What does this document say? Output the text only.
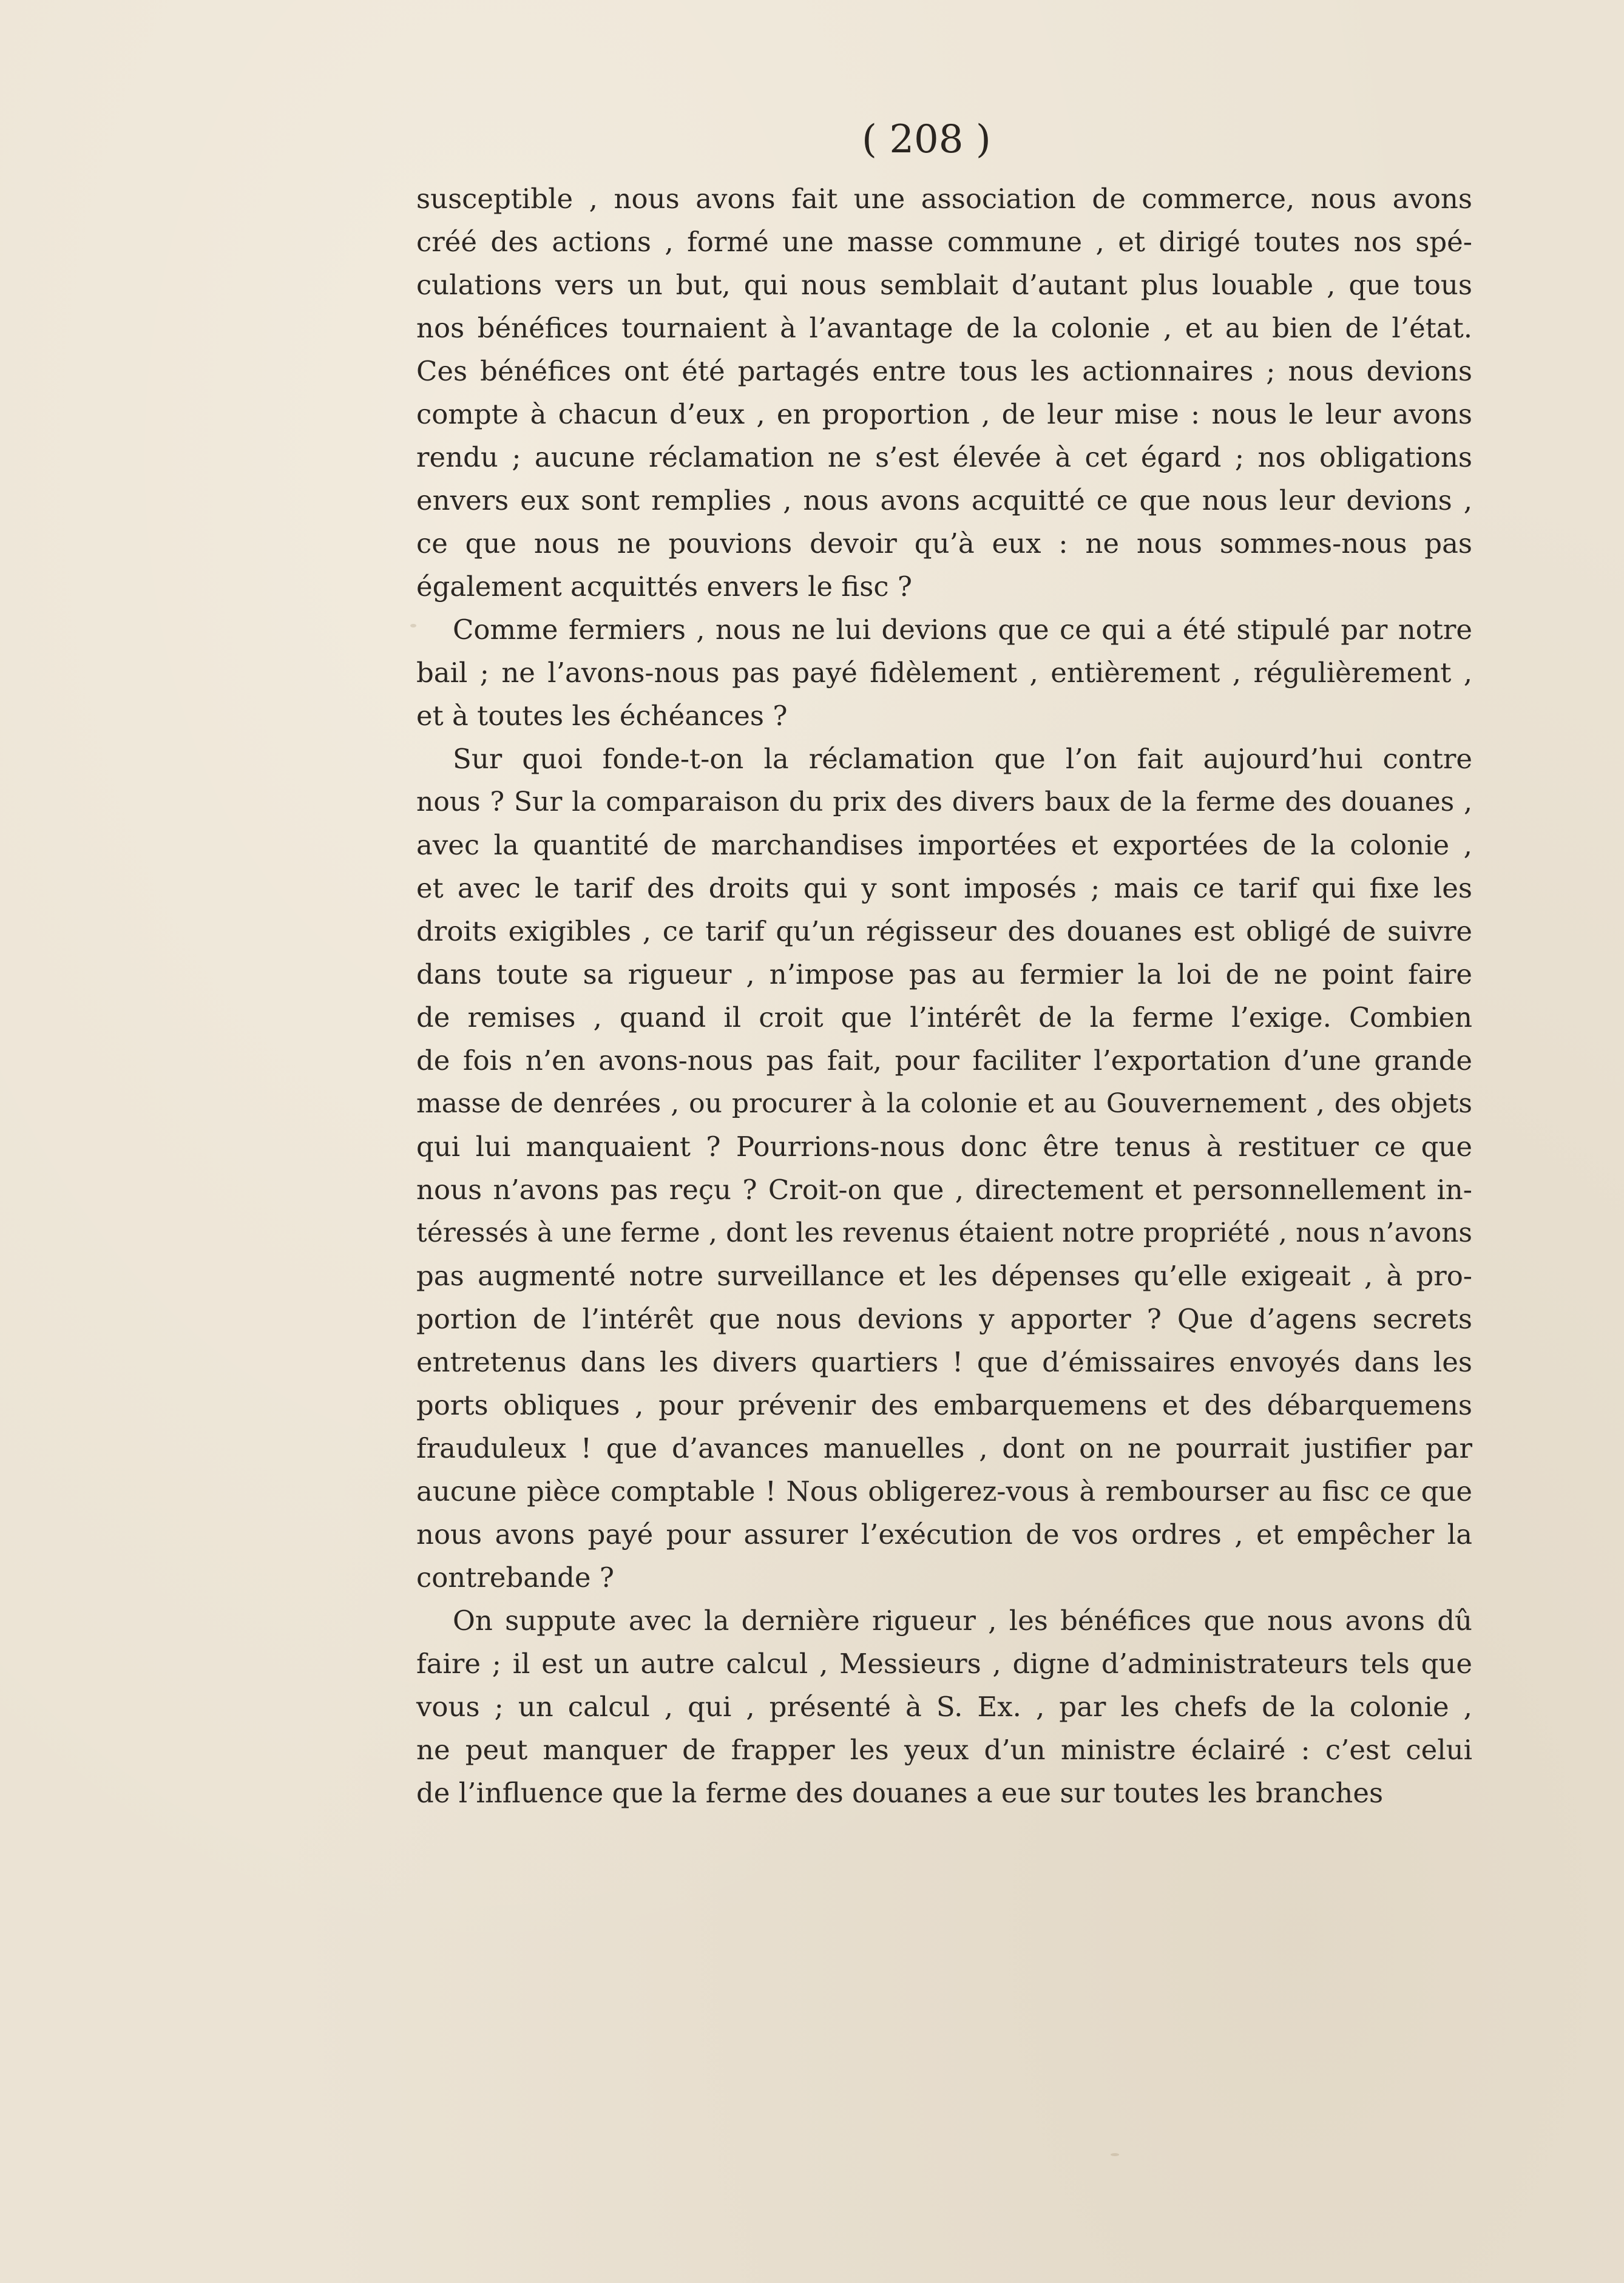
( 208 )
susceptible , nous avons fait une association de commerce, nous avons
créé des actions , formé une masse commune , et dirigé toutes nos spé-
culations vers un but, qui nous semblait d’autant plus louable , que tous
nos bénéfices tournaient à l’avantage de la colonie , et au bien de l’état.
Ces bénéfices ont été partagés entre tous les actionnaires ; nous devions
compte à chacun d’eux , en proportion , de leur mise : nous le leur avons
rendu ; aucune réclamation ne s’est élevée à cet égard ; nos obligations
envers eux sont remplies , nous avons acquitté ce que nous leur devions ,
ce que nous ne pouvions devoir qu’à eux : ne nous sommes-nous pas
également acquittés envers le fisc ?
Comme fermiers , nous ne lui devions que ce qui a été stipulé par notre
bail ; ne l’avons-nous pas payé fidèlement , entièrement , régulièrement ,
et à toutes les échéances ?
Sur quoi fonde-t-on la réclamation que l’on fait aujourd’hui contre
nous ? Sur la comparaison du prix des divers baux de la ferme des douanes ,
avec la quantité de marchandises importées et exportées de la colonie ,
et avec le tarif des droits qui y sont imposés ; mais ce tarif qui fixe les
droits exigibles , ce tarif qu’un régisseur des douanes est obligé de suivre
dans toute sa rigueur , n’impose pas au fermier la loi de ne point faire
de remises , quand il croit que l’intérêt de la ferme l’exige. Combien
de fois n’en avons-nous pas fait, pour faciliter l’exportation d’une grande
masse de denrées , ou procurer à la colonie et au Gouvernement , des objets
qui lui manquaient ? Pourrions-nous donc être tenus à restituer ce que
nous n’avons pas reçu ? Croit-on que , directement et personnellement in-
téressés à une ferme , dont les revenus étaient notre propriété , nous n’avons
pas augmenté notre surveillance et les dépenses qu’elle exigeait , à pro-
portion de l’intérêt que nous devions y apporter ? Que d’agens secrets
entretenus dans les divers quartiers ! que d’émissaires envoyés dans les
ports obliques , pour prévenir des embarquemens et des débarquemens
frauduleux ! que d’avances manuelles , dont on ne pourrait justifier par
aucune pièce comptable ! Nous obligerez-vous à rembourser au fisc ce que
nous avons payé pour assurer l’exécution de vos ordres , et empêcher la
contrebande ?
On suppute avec la dernière rigueur , les bénéfices que nous avons dû
faire ; il est un autre calcul , Messieurs , digne d’administrateurs tels que
vous ; un calcul , qui , présenté à S. Ex. , par les chefs de la colonie ,
ne peut manquer de frapper les yeux d’un ministre éclairé : c’est celui
de l’influence que la ferme des douanes a eue sur toutes les branches
